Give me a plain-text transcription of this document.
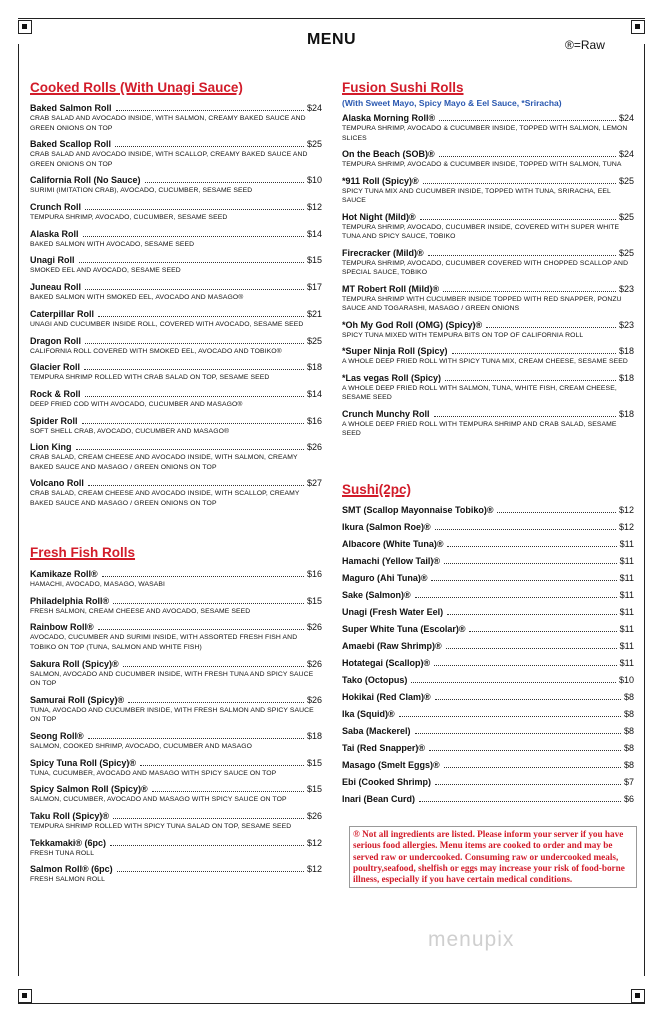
MENU	®=Raw
Cooked Rolls (With Unagi Sauce)
Baked Salmon Roll	$24
CRAB SALAD AND AVOCADO INSIDE, WITH SALMON, CREAMY BAKED SAUCE AND GREEN ONIONS ON TOP
Baked Scallop Roll	$25
CRAB SALAD AND AVOCADO INSIDE, WITH SCALLOP, CREAMY BAKED SAUCE AND GREEN ONIONS ON TOP
California Roll (No Sauce)	$10
SURIMI (IMITATION CRAB), AVOCADO, CUCUMBER, SESAME SEED
Crunch Roll	$12
TEMPURA SHRIMP, AVOCADO, CUCUMBER, SESAME SEED
Alaska Roll	$14
BAKED SALMON WITH AVOCADO, SESAME SEED
Unagi Roll	$15
SMOKED EEL AND AVOCADO, SESAME SEED
Juneau Roll	$17
BAKED SALMON WITH SMOKED EEL, AVOCADO AND MASAGO®
Caterpillar Roll	$21
UNAGI AND CUCUMBER INSIDE ROLL, COVERED WITH AVOCADO, SESAME SEED
Dragon Roll	$25
CALIFORNIA ROLL COVERED WITH SMOKED EEL, AVOCADO AND TOBIKO®
Glacier Roll	$18
TEMPURA SHRIMP ROLLED WITH CRAB SALAD ON TOP, SESAME SEED
Rock & Roll	$14
DEEP FRIED COD WITH AVOCADO, CUCUMBER AND MASAGO®
Spider Roll	$16
SOFT SHELL CRAB, AVOCADO, CUCUMBER AND MASAGO®
Lion King	$26
CRAB SALAD, CREAM CHEESE AND AVOCADO INSIDE, WITH SALMON, CREAMY BAKED SAUCE AND MASAGO / GREEN ONIONS ON TOP
Volcano Roll	$27
CRAB SALAD, CREAM CHEESE AND AVOCADO INSIDE, WITH SCALLOP, CREAMY BAKED SAUCE AND MASAGO / GREEN ONIONS ON TOP
Fresh Fish Rolls
Kamikaze Roll®	$16
HAMACHI, AVOCADO, MASAGO, WASABI
Philadelphia Roll®	$15
FRESH SALMON, CREAM CHEESE AND AVOCADO, SESAME SEED
Rainbow Roll®	$26
AVOCADO, CUCUMBER AND SURIMI INSIDE, WITH ASSORTED FRESH FISH AND TOBIKO ON TOP (TUNA, SALMON AND WHITE FISH)
Sakura Roll (Spicy)®	$26
SALMON, AVOCADO AND CUCUMBER INSIDE, WITH FRESH TUNA AND SPICY SAUCE ON TOP
Samurai Roll (Spicy)®	$26
TUNA, AVOCADO AND CUCUMBER INSIDE, WITH FRESH SALMON AND SPICY SAUCE ON TOP
Seong Roll®	$18
SALMON, COOKED SHRIMP, AVOCADO, CUCUMBER AND MASAGO
Spicy Tuna Roll (Spicy)®	$15
TUNA, CUCUMBER, AVOCADO AND MASAGO WITH SPICY SAUCE ON TOP
Spicy Salmon Roll (Spicy)®	$15
SALMON, CUCUMBER, AVOCADO AND MASAGO WITH SPICY SAUCE ON TOP
Taku Roll (Spicy)®	$26
TEMPURA SHRIMP ROLLED WITH SPICY TUNA SALAD ON TOP, SESAME SEED
Tekkamaki® (6pc)	$12
FRESH TUNA ROLL
Salmon Roll® (6pc)	$12
FRESH SALMON ROLL
Fusion Sushi Rolls
(With Sweet Mayo, Spicy Mayo & Eel Sauce, *Sriracha)
Alaska Morning Roll®	$24
TEMPURA SHRIMP, AVOCADO & CUCUMBER INSIDE, TOPPED WITH SALMON, LEMON SLICES
On the Beach (SOB)®	$24
TEMPURA SHRIMP, AVOCADO & CUCUMBER INSIDE, TOPPED WITH SALMON, TUNA
*911 Roll (Spicy)®	$25
SPICY TUNA MIX AND CUCUMBER INSIDE, TOPPED WITH TUNA, SRIRACHA, EEL SAUCE
Hot Night (Mild)®	$25
TEMPURA SHRIMP, AVOCADO, CUCUMBER INSIDE, COVERED WITH SUPER WHITE TUNA AND SPICY SAUCE, TOBIKO
Firecracker (Mild)®	$25
TEMPURA SHRIMP, AVOCADO, CUCUMBER COVERED WITH CHOPPED SCALLOP AND SPECIAL SAUCE, TOBIKO
MT Robert Roll (Mild)®	$23
TEMPURA SHRIMP WITH CUCUMBER INSIDE TOPPED WITH RED SNAPPER, PONZU SAUCE AND TOGARASHI, MASAGO / GREEN ONIONS
*Oh My God Roll (OMG) (Spicy)®	$23
SPICY TUNA MIXED WITH TEMPURA BITS ON TOP OF CALIFORNIA ROLL
*Super Ninja Roll (Spicy)	$18
A WHOLE DEEP FRIED ROLL WITH SPICY TUNA MIX, CREAM CHEESE, SESAME SEED
*Las vegas Roll (Spicy)	$18
A WHOLE DEEP FRIED ROLL WITH SALMON, TUNA, WHITE FISH, CREAM CHEESE, SESAME SEED
Crunch Munchy Roll	$18
A WHOLE DEEP FRIED ROLL WITH TEMPURA SHRIMP AND CRAB SALAD, SESAME SEED
Sushi(2pc)
SMT (Scallop Mayonnaise Tobiko)®	$12
Ikura (Salmon Roe)®	$12
Albacore (White Tuna)®	$11
Hamachi (Yellow Tail)®	$11
Maguro (Ahi Tuna)®	$11
Sake (Salmon)®	$11
Unagi (Fresh Water Eel)	$11
Super White Tuna (Escolar)®	$11
Amaebi (Raw Shrimp)®	$11
Hotategai (Scallop)®	$11
Tako (Octopus)	$10
Hokikai (Red Clam)®	$8
Ika (Squid)®	$8
Saba (Mackerel)	$8
Tai (Red Snapper)®	$8
Masago (Smelt Eggs)®	$8
Ebi (Cooked Shrimp)	$7
Inari (Bean Curd)	$6
® Not all ingredients are listed. Please inform your server if you have serious food allergies. Menu items are cooked to order and may be served raw or undercooked. Consuming raw or undercooked meals, poultry,seafood, shelfish or eggs may increase your risk of food-borne illness, especially if you have certain medical conditions.
menupix
